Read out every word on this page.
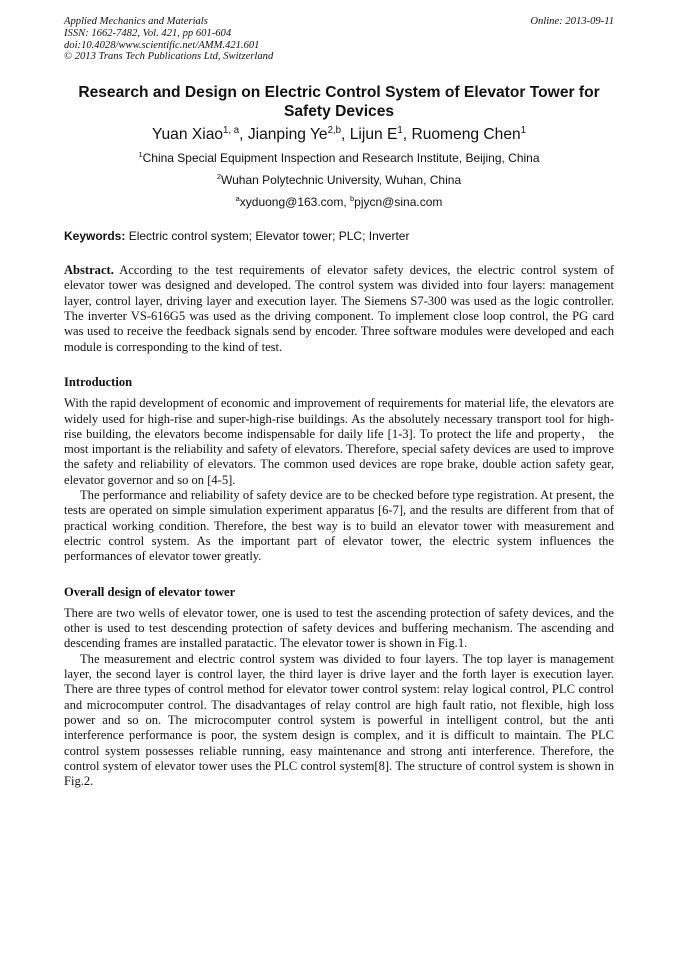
Applied Mechanics and Materials
ISSN: 1662-7482, Vol. 421, pp 601-604
doi:10.4028/www.scientific.net/AMM.421.601
© 2013 Trans Tech Publications Ltd, Switzerland
Online: 2013-09-11
Research and Design on Electric Control System of Elevator Tower for Safety Devices
Yuan Xiao$^{1, a}$, Jianping Ye$^{2,b}$, Lijun $E^1$, Ruomeng Chen$^1$
$^1$China Special Equipment Inspection and Research Institute, Beijing, China
$^2$Wuhan Polytechnic University, Wuhan, China
$^a$xyduong@163.com, $^b$pjycn@sina.com
Keywords: Electric control system; Elevator tower; PLC; Inverter

Abstract. According to the test requirements of elevator safety devices, the electric control system of elevator tower was designed and developed. The control system was divided into four layers: management layer, control layer, driving layer and execution layer. The Siemens S7-300 was used as the logic controller. The inverter VS-616G5 was used as the driving component. To implement close loop control, the PG card was used to receive the feedback signals send by encoder. Three software modules were developed and each module is corresponding to the kind of test.

Introduction

With the rapid development of economic and improvement of requirements for material life, the elevators are widely used for high-rise and super-high-rise buildings. As the absolutely necessary transport tool for high-rise building, the elevators become indispensable for daily life [1-3]. To protect the life and property， the most important is the reliability and safety of elevators. Therefore, special safety devices are used to improve the safety and reliability of elevators. The common used devices are rope brake, double action safety gear, elevator governor and so on [4-5].

The performance and reliability of safety device are to be checked before type registration. At present, the tests are operated on simple simulation experiment apparatus [6-7], and the results are different from that of practical working condition. Therefore, the best way is to build an elevator tower with measurement and electric control system. As the important part of elevator tower, the electric system influences the performances of elevator tower greatly.

Overall design of elevator tower

There are two wells of elevator tower, one is used to test the ascending protection of safety devices, and the other is used to test descending protection of safety devices and buffering mechanism. The ascending and descending frames are installed paratactic. The elevator tower is shown in Fig.1.

The measurement and electric control system was divided to four layers. The top layer is management layer, the second layer is control layer, the third layer is drive layer and the forth layer is execution layer. There are three types of control method for elevator tower control system: relay logical control, PLC control and microcomputer control. The disadvantages of relay control are high fault ratio, not flexible, high loss power and so on. The microcomputer control system is powerful in intelligent control, but the anti interference performance is poor, the system design is complex, and it is difficult to maintain. The PLC control system possesses reliable running, easy maintenance and strong anti interference. Therefore, the control system of elevator tower uses the PLC control system[8]. The structure of control system is shown in Fig.2.
